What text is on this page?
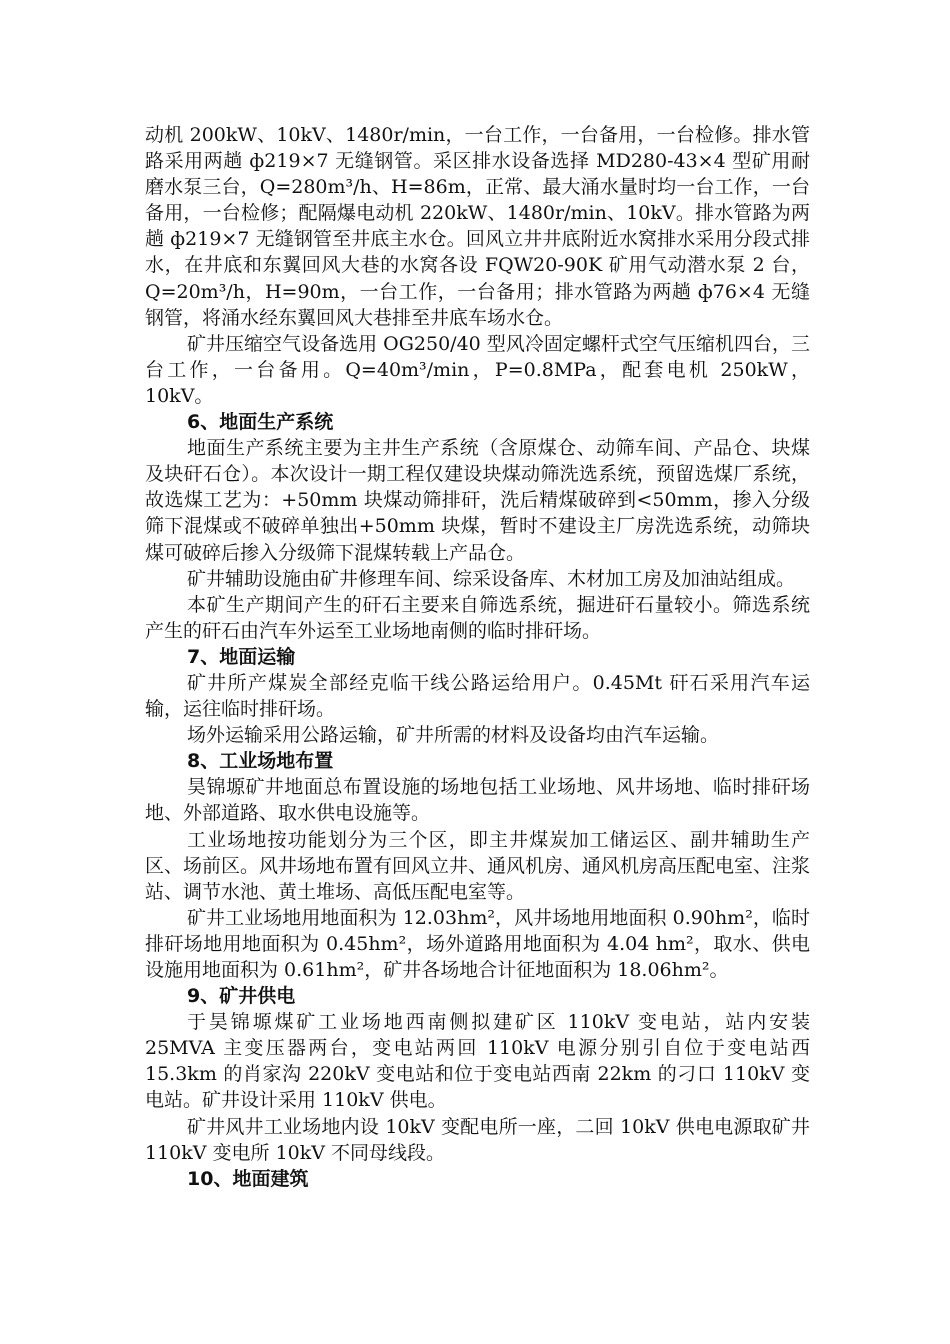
动机 200kW、10kV、1480r/min，一台工作，一台备用，一台检修。排水管路采用两趟 ф219×7 无缝钢管。采区排水设备选择 MD280-43×4 型矿用耐磨水泵三台，Q=280m³/h、H=86m，正常、最大涌水量时均一台工作，一台备用，一台检修；配隔爆电动机 220kW、1480r/min、10kV。排水管路为两趟 ф219×7 无缝钢管至井底主水仓。回风立井井底附近水窝排水采用分段式排水，在井底和东翼回风大巷的水窝各设 FQW20-90K 矿用气动潜水泵 2 台，Q=20m³/h，H=90m，一台工作，一台备用；排水管路为两趟 ф76×4 无缝钢管，将涌水经东翼回风大巷排至井底车场水仓。

矿井压缩空气设备选用 OG250/40 型风冷固定螺杆式空气压缩机四台，三台工作，一台备用。Q=40m³/min，P=0.8MPa，配套电机 250kW，10kV。

6、地面生产系统

地面生产系统主要为主井生产系统（含原煤仓、动筛车间、产品仓、块煤及块矸石仓）。本次设计一期工程仅建设块煤动筛洗选系统，预留选煤厂系统，故选煤工艺为：+50mm 块煤动筛排矸，洗后精煤破碎到<50mm，掺入分级筛下混煤或不破碎单独出+50mm 块煤，暂时不建设主厂房洗选系统，动筛块煤可破碎后掺入分级筛下混煤转载上产品仓。

矿井辅助设施由矿井修理车间、综采设备库、木材加工房及加油站组成。

本矿生产期间产生的矸石主要来自筛选系统，掘进矸石量较小。筛选系统产生的矸石由汽车外运至工业场地南侧的临时排矸场。

7、地面运输

矿井所产煤炭全部经克临干线公路运给用户。0.45Mt 矸石采用汽车运输，运往临时排矸场。

场外运输采用公路运输，矿井所需的材料及设备均由汽车运输。

8、工业场地布置

昊锦塬矿井地面总布置设施的场地包括工业场地、风井场地、临时排矸场地、外部道路、取水供电设施等。

工业场地按功能划分为三个区，即主井煤炭加工储运区、副井辅助生产区、场前区。风井场地布置有回风立井、通风机房、通风机房高压配电室、注浆站、调节水池、黄土堆场、高低压配电室等。

矿井工业场地用地面积为 12.03hm²，风井场地用地面积 0.90hm²，临时排矸场地用地面积为 0.45hm²，场外道路用地面积为 4.04 hm²，取水、供电设施用地面积为 0.61hm²，矿井各场地合计征地面积为 18.06hm²。

9、矿井供电

于昊锦塬煤矿工业场地西南侧拟建矿区 110kV 变电站，站内安装 25MVA 主变压器两台，变电站两回 110kV 电源分别引自位于变电站西 15.3km 的肖家沟 220kV 变电站和位于变电站西南 22km 的刁口 110kV 变电站。矿井设计采用 110kV 供电。

矿井风井工业场地内设 10kV 变配电所一座，二回 10kV 供电电源取矿井 110kV 变电所 10kV 不同母线段。

10、地面建筑
